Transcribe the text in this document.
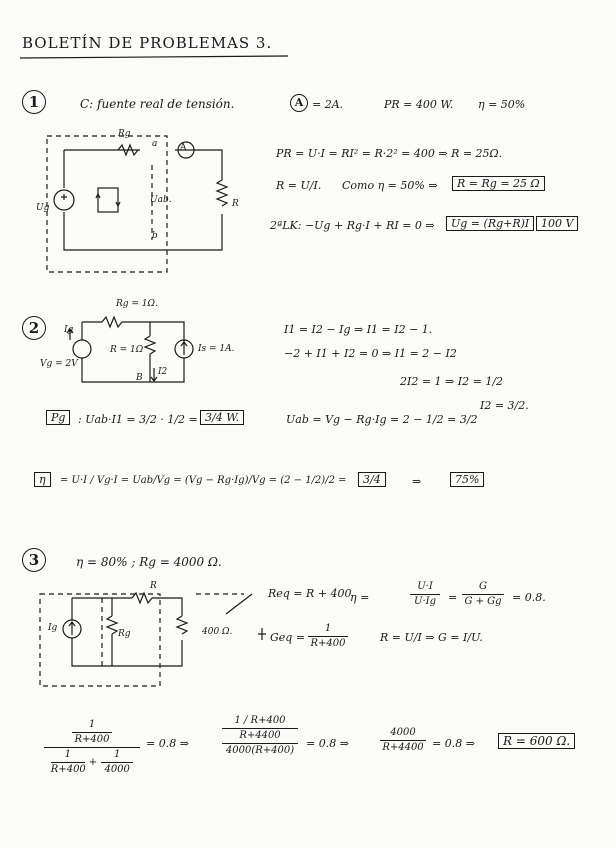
BOLETÍN DE PROBLEMAS 3.
1	C: fuente real de tensión.	A = 2A.	PR = 400 W. η = 50%
Rg
a
b
Ug
Uab.	R
A	PR = U·I = RI² = R·2² = 400 ⇒ R = 25Ω.
R = U/I. Como η = 50% ⇒	R = Rg = 25 Ω
2ªLK: −Ug + Rg·I + RI = 0 ⇒	Ug = (Rg+R)I	100 V
2
Rg = 1Ω.
Ig
Vg = 2V
R = 1Ω
I2
Is = 1A.
B
I1 = I2 − Ig ⇒ I1 = I2 − 1.
−2 + I1 + I2 = 0 ⇒ I1 = 2 − I2
2I2 = 1 ⇒ I2 = 1/2
I2 = 3/2.
Pg	: Uab·I1 = 3/2 · 1/2 = 3/4 W.	Uab = Vg − Rg·Ig = 2 − 1/2 = 3/2
η	= U·I / Vg·I = Uab/Vg = (Vg − Rg·Ig)/Vg = (2 − 1/2)/2 =	3/4	⇒	75%
3	η = 80% ; Rg = 4000 Ω.
R
Ig
Rg	400 Ω.
Req = R + 400
Geq =
1
R+400
η =
U·I
U·Ig	=
G
G + Gg = 0.8.
R = U/I ⇒ G = I/U.
1
R+400
$\frac{1}{R+400} + \frac{1}{4000}$
= 0.8 ⇒
1 / R+400
R+4400
4000(R+400)
= 0.8 ⇒
4000
R+4400 = 0.8 ⇒	R = 600 Ω.
